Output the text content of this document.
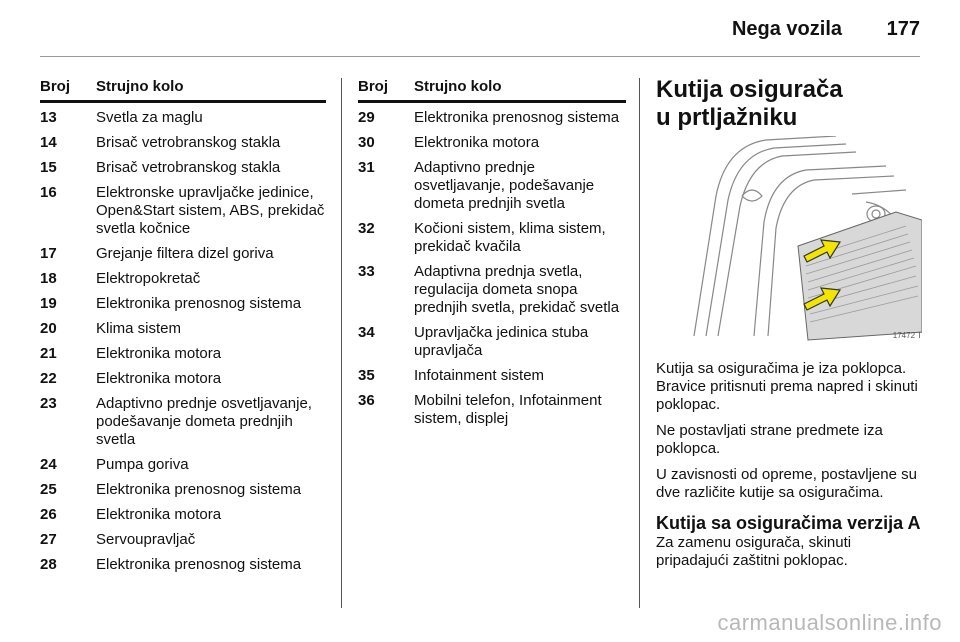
Nega vozila 177
Broj	Strujno kolo
13	Svetla za maglu
14	Brisač vetrobranskog stakla
15	Brisač vetrobranskog stakla
16	Elektronske upravljačke jedinice, Open&Start sistem, ABS, prekidač svetla kočnice
17	Grejanje filtera dizel goriva
18	Elektropokretač
19	Elektronika prenosnog sistema
20	Klima sistem
21	Elektronika motora
22	Elektronika motora
23	Adaptivno prednje osvetljavanje, podešavanje dometa prednjih svetla
24	Pumpa goriva
25	Elektronika prenosnog sistema
26	Elektronika motora
27	Servoupravljač
28	Elektronika prenosnog sistema
Broj	Strujno kolo
29	Elektronika prenosnog sistema
30	Elektronika motora
31	Adaptivno prednje osvetljavanje, podešavanje dometa prednjih svetla
32	Kočioni sistem, klima sistem, prekidač kvačila
33	Adaptivna prednja svetla, regulacija dometa snopa prednjih svetla, prekidač svetla
34	Upravljačka jedinica stuba upravljača
35	Infotainment sistem
36	Mobilni telefon, Infotainment sistem, displej
Kutija osigurača
u prtljažniku
17472 T

Kutija sa osiguračima je iza poklopca. Bravice pritisnuti prema napred i skinuti poklopac.

Ne postavljati strane predmete iza poklopca.

U zavisnosti od opreme, postavljene su dve različite kutije sa osiguračima.

Kutija sa osiguračima verzija A

Za zamenu osigurača, skinuti pripadajući zaštitni poklopac.

carmanualsonline.info
